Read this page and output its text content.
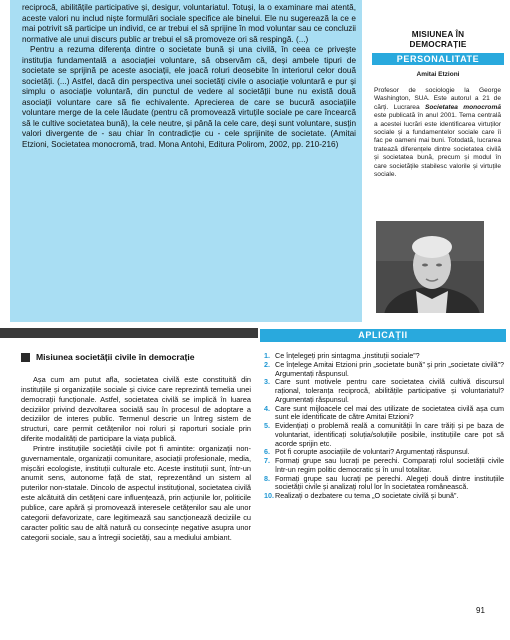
reciprocă, abilitățile participative și, desigur, voluntariatul. Totuși, la o examinare mai atentă, aceste valori nu includ niște formulări sociale specifice ale binelui. Ele nu sugerează la ce e mai potrivit să participe un individ, ce ar trebui el să sprijine în mod voluntar sau ce concluzii normative ale unui discurs public ar trebui el să promoveze ori să respingă. (...)

Pentru a rezuma diferența dintre o societate bună și una civilă, în ceea ce privește instituția fundamentală a asociației voluntare, să observăm că, deși ambele tipuri de societate se sprijină pe aceste asociații, ele joacă roluri deosebite în interiorul celor două societăți. (...) Astfel, dacă din perspectiva unei societăți civile o asociație voluntară e pur și simplu o asociație voluntară, din punctul de vedere al societății bune nu există două asociații voluntare care să fie echivalente. Aprecierea de care se bucură asociațiile voluntare merge de la cele lăudate (pentru că promovează virtuțile sociale pe care încearcă să le cultive societatea bună), la cele neutre, și până la cele care, deși sunt voluntare, susțin valori divergente de - sau chiar în contradicție cu - cele sprijinite de societate. (Amitai Etzioni, Societatea monocromă, trad. Mona Antohi, Editura Polirom, 2002, pp. 210-216)

MISIUNEA ÎN
DEMOCRAȚIE
PERSONALITATE
Amitai Etzioni

Profesor de sociologie la George Washington, SUA. Este autorul a 21 de cărți. Lucrarea Societatea monocromă este publicată în anul 2001. Tema centrală a acestei lucrări este identificarea virtuților sociale și a fundamentelor sociale care îi fac pe oameni mai buni. Totodată, lucrarea tratează diferențele dintre societatea civilă și societatea bună, precum și modul în care societățile stabilesc valorile și virtuțile sociale.

Misiunea societății civile în democrație

Așa cum am putut afla, societatea civilă este constituită din instituțiile și organizațiile sociale și civice care reprezintă temelia unei democrații funcționale. Astfel, societatea civilă se implică în luarea deciziilor privind dezvoltarea socială sau în procesul de adoptare a deciziilor de interes public. Termenul descrie un întreg sistem de structuri, care permit cetățenilor noi roluri și raporturi sociale prin diferite modalități de participare la viața publică.

Printre instituțiile societății civile pot fi amintite: organizații non-guvernamentale, organizații comunitare, asociații profesionale, media, mișcări ecologiste, instituții culturale etc. Aceste instituții sunt, într-un anumit sens, autonome față de stat, reprezentând un sistem al puterilor non-statale. Dincolo de aspectul instituțional, societatea civilă este alcătuită din cetățeni care influențează, prin acțiunile lor, politicile publice, care apără și promovează interesele cetățenilor sau ale unor categorii defavorizate, care legitimează sau sancționează deciziile cu caracter politic sau de altă natură cu consecințe negative asupra unor categorii sociale, sau a întregii societăți, sau a mediului ambiant.

APLICAȚII
1. Ce înțelegeți prin sintagma „instituții sociale”?
2. Ce înțelege Amitai Etzioni prin „societate bună” și prin „societate civilă”? Argumentați răspunsul.
3. Care sunt motivele pentru care societatea civilă cultivă discursul rațional, toleranța reciprocă, abilitățile participative și voluntariatul? Argumentați răspunsul.
4. Care sunt mijloacele cel mai des utilizate de societatea civilă așa cum sunt ele identificate de către Amitai Etzioni?
5. Evidențiați o problemă reală a comunității în care trăiți și pe baza de voluntariat, identificați soluția/soluțiile posibile, instituțiile care pot să acorde sprijin etc.
6. Pot fi corupte asociațiile de voluntari? Argumentați răspunsul.
7. Formați grupe sau lucrați pe perechi. Comparați rolul societății civile într-un regim politic democratic și în unul totalitar.
8. Formați grupe sau lucrați pe perechi. Alegeți două dintre instituțiile societății civile și analizați rolul lor în societatea românească.
10. Realizați o dezbatere cu tema „O societate civilă și bună”.
91
